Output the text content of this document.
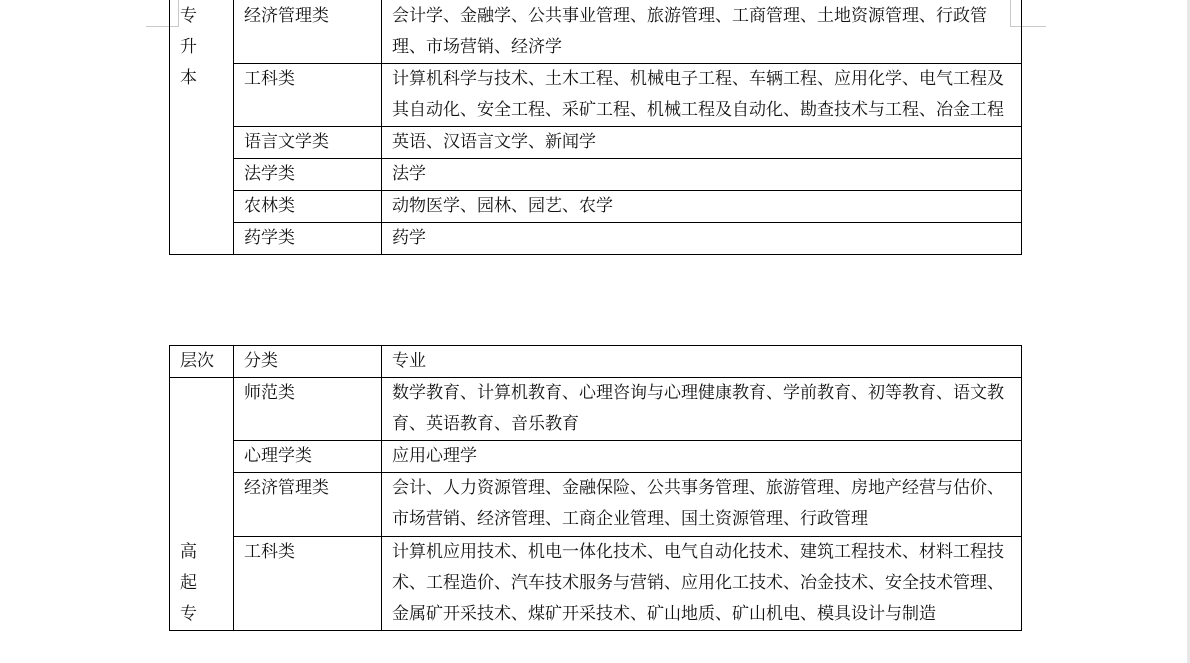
专
升
本	经济管理类	会计学、金融学、公共事业管理、旅游管理、工商管理、土地资源管理、行政管理、市场营销、经济学

	工科类	计算机科学与技术、土木工程、机械电子工程、车辆工程、应用化学、电气工程及其自动化、安全工程、采矿工程、机械工程及自动化、勘查技术与工程、冶金工程

	语言文学类	英语、汉语言文学、新闻学

	法学类	法学

	农林类	动物医学、园林、园艺、农学

	药学类	药学
层次	分类	专业

高
起
专	师范类	数学教育、计算机教育、心理咨询与心理健康教育、学前教育、初等教育、语文教育、英语教育、音乐教育

	心理学类	应用心理学

	经济管理类	会计、人力资源管理、金融保险、公共事务管理、旅游管理、房地产经营与估价、市场营销、经济管理、工商企业管理、国土资源管理、行政管理

	工科类	计算机应用技术、机电一体化技术、电气自动化技术、建筑工程技术、材料工程技术、工程造价、汽车技术服务与营销、应用化工技术、冶金技术、安全技术管理、金属矿开采技术、煤矿开采技术、矿山地质、矿山机电、模具设计与制造
